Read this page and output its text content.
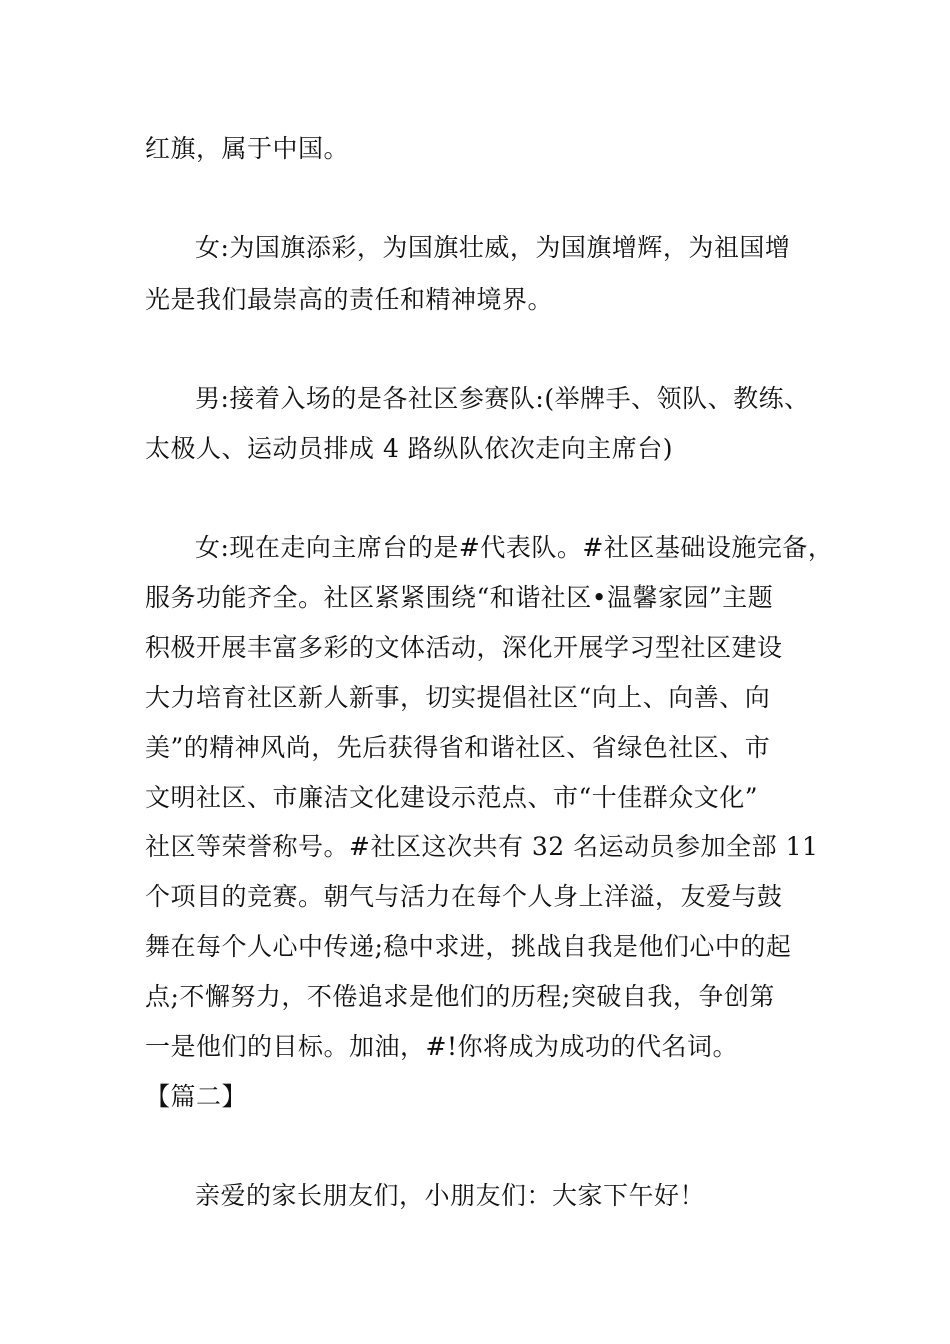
红旗，属于中国。
女:为国旗添彩，为国旗壮威，为国旗增辉，为祖国增
光是我们最崇高的责任和精神境界。
男:接着入场的是各社区参赛队:(举牌手、领队、教练、
太极人、运动员排成 4 路纵队依次走向主席台)
女:现在走向主席台的是#代表队。#社区基础设施完备，
服务功能齐全。社区紧紧围绕“和谐社区•温馨家园”主题
积极开展丰富多彩的文体活动，深化开展学习型社区建设
大力培育社区新人新事，切实提倡社区“向上、向善、向
美”的精神风尚，先后获得省和谐社区、省绿色社区、市
文明社区、市廉洁文化建设示范点、市“十佳群众文化”
社区等荣誉称号。#社区这次共有 32 名运动员参加全部 11
个项目的竞赛。朝气与活力在每个人身上洋溢，友爱与鼓
舞在每个人心中传递;稳中求进，挑战自我是他们心中的起
点;不懈努力，不倦追求是他们的历程;突破自我，争创第
一是他们的目标。加油，#!你将成为成功的代名词。
【篇二】
亲爱的家长朋友们，小朋友们：大家下午好！
